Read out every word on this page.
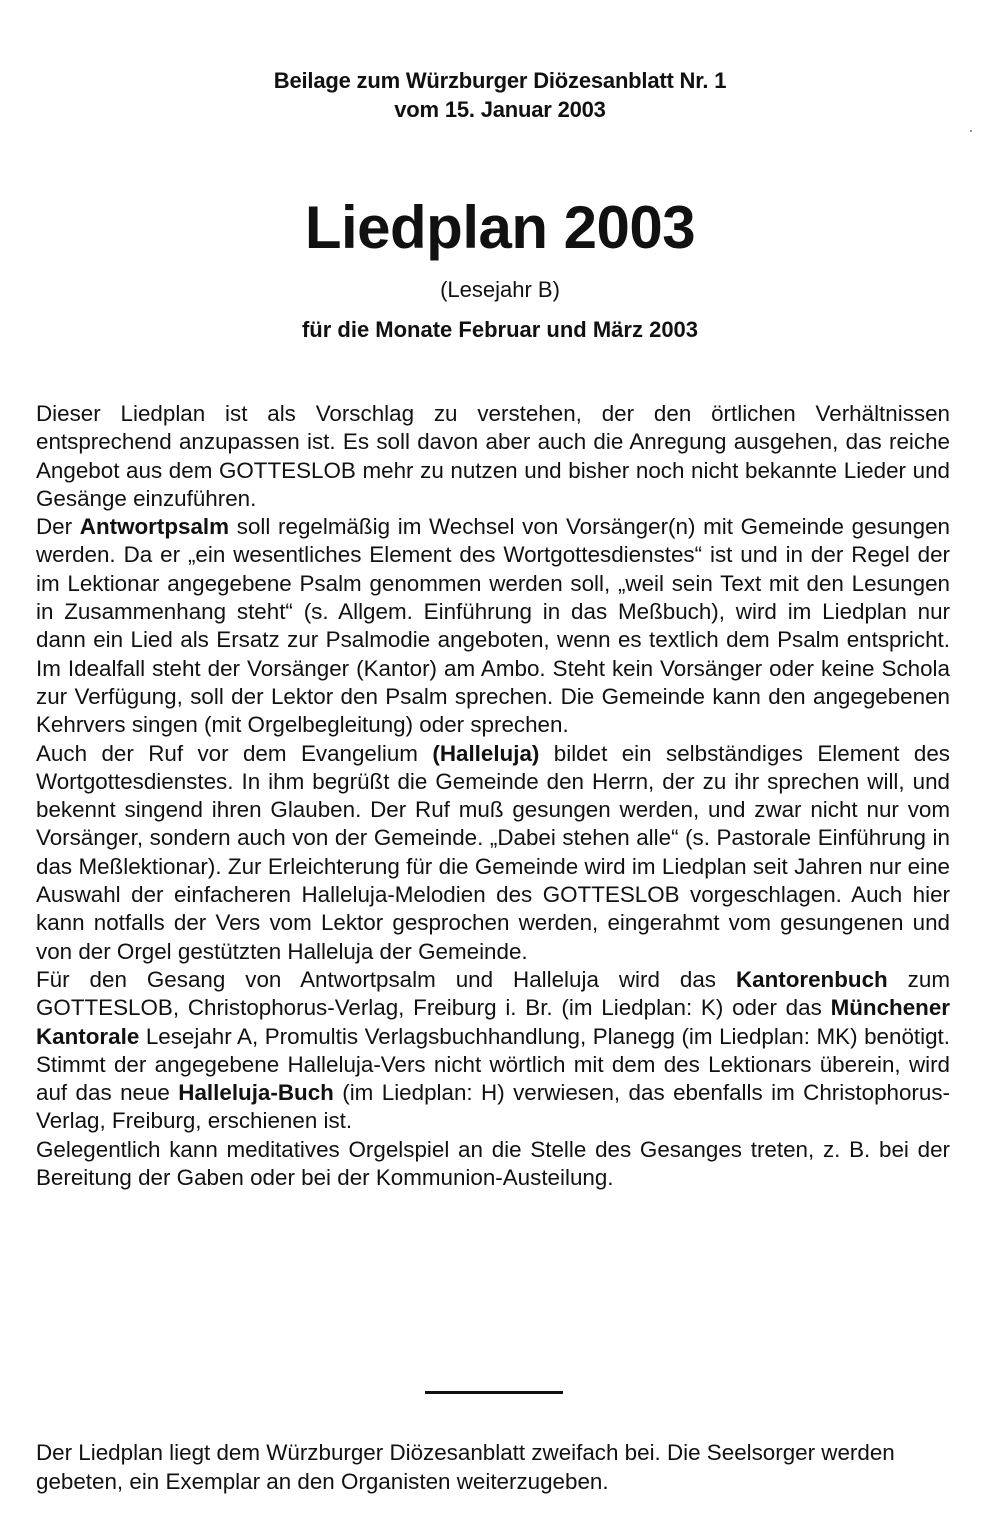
Beilage zum Würzburger Diözesanblatt Nr. 1
vom 15. Januar 2003
Liedplan 2003
(Lesejahr B)
für die Monate Februar und März 2003

Dieser Liedplan ist als Vorschlag zu verstehen, der den örtlichen Verhältnissen entsprechend anzupassen ist. Es soll davon aber auch die Anregung ausgehen, das reiche Angebot aus dem GOTTESLOB mehr zu nutzen und bisher noch nicht bekannte Lieder und Gesänge einzuführen.

Der Antwortpsalm soll regelmäßig im Wechsel von Vorsänger(n) mit Gemeinde gesungen werden. Da er „ein wesentliches Element des Wortgottesdienstes“ ist und in der Regel der im Lektionar angegebene Psalm genommen werden soll, „weil sein Text mit den Lesungen in Zusammenhang steht“ (s. Allgem. Einführung in das Meßbuch), wird im Liedplan nur dann ein Lied als Ersatz zur Psalmodie angeboten, wenn es textlich dem Psalm entspricht. Im Idealfall steht der Vorsänger (Kantor) am Ambo. Steht kein Vorsänger oder keine Schola zur Verfügung, soll der Lektor den Psalm sprechen. Die Gemeinde kann den angegebenen Kehrvers singen (mit Orgelbegleitung) oder sprechen.

Auch der Ruf vor dem Evangelium (Halleluja) bildet ein selbständiges Element des Wortgottesdienstes. In ihm begrüßt die Gemeinde den Herrn, der zu ihr sprechen will, und bekennt singend ihren Glauben. Der Ruf muß gesungen werden, und zwar nicht nur vom Vorsänger, sondern auch von der Gemeinde. „Dabei stehen alle“ (s. Pastorale Einführung in das Meßlektionar). Zur Erleichterung für die Gemeinde wird im Liedplan seit Jahren nur eine Auswahl der einfacheren Halleluja-Melodien des GOTTESLOB vorgeschlagen. Auch hier kann notfalls der Vers vom Lektor gesprochen werden, eingerahmt vom gesungenen und von der Orgel gestützten Halleluja der Gemeinde.

Für den Gesang von Antwortpsalm und Halleluja wird das Kantorenbuch zum GOTTESLOB, Christophorus-Verlag, Freiburg i. Br. (im Liedplan: K) oder das Münchener Kantorale Lesejahr A, Promultis Verlagsbuchhandlung, Planegg (im Liedplan: MK) benötigt. Stimmt der angegebene Halleluja-Vers nicht wörtlich mit dem des Lektionars überein, wird auf das neue Halleluja-Buch (im Liedplan: H) verwiesen, das ebenfalls im Christophorus-Verlag, Freiburg, erschienen ist.

Gelegentlich kann meditatives Orgelspiel an die Stelle des Gesanges treten, z. B. bei der Bereitung der Gaben oder bei der Kommunion-Austeilung.

Der Liedplan liegt dem Würzburger Diözesanblatt zweifach bei. Die Seelsorger werden gebeten, ein Exemplar an den Organisten weiterzugeben.
